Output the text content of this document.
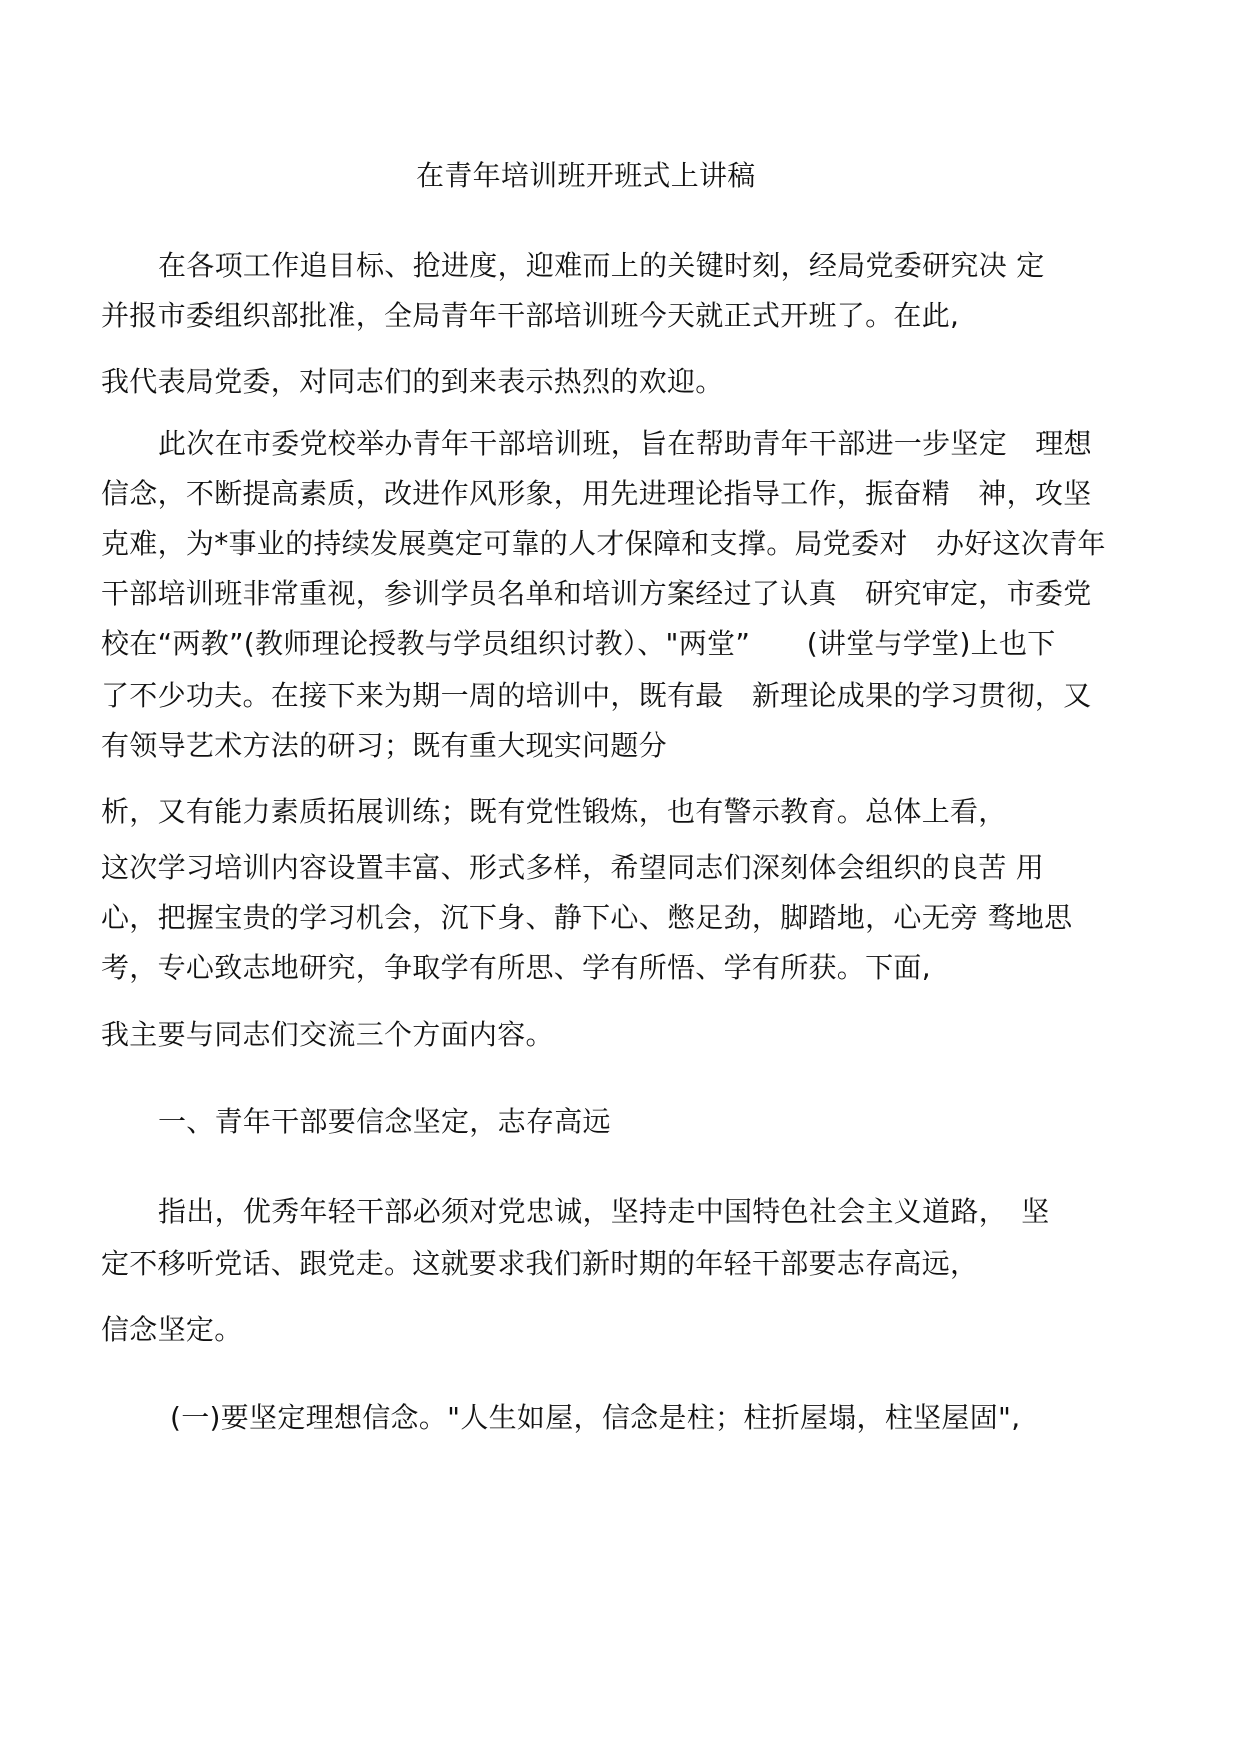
在青年培训班开班式上讲稿

在各项工作追目标、抢进度，迎难而上的关键时刻，经局党委研究决 定

并报市委组织部批准，全局青年干部培训班今天就正式开班了。在此,

我代表局党委，对同志们的到来表示热烈的欢迎。

此次在市委党校举办青年干部培训班，旨在帮助青年干部进一步坚定　理想

信念，不断提高素质，改进作风形象，用先进理论指导工作，振奋精　神，攻坚

克难，为*事业的持续发展奠定可靠的人才保障和支撑。局党委对　办好这次青年

干部培训班非常重视，参训学员名单和培训方案经过了认真　研究审定，市委党

校在“两教”(教师理论授教与学员组织讨教）、"两堂”　　(讲堂与学堂)上也下

了不少功夫。在接下来为期一周的培训中，既有最　新理论成果的学习贯彻，又

有领导艺术方法的研习；既有重大现实问题分

析，又有能力素质拓展训练；既有党性锻炼，也有警示教育。总体上看，

这次学习培训内容设置丰富、形式多样，希望同志们深刻体会组织的良苦 用

心，把握宝贵的学习机会，沉下身、静下心、憋足劲，脚踏地，心无旁 骛地思

考，专心致志地研究，争取学有所思、学有所悟、学有所获。下面,

我主要与同志们交流三个方面内容。

一、青年干部要信念坚定，志存高远

指出，优秀年轻干部必须对党忠诚，坚持走中国特色社会主义道路，　坚

定不移听党话、跟党走。这就要求我们新时期的年轻干部要志存高远，

信念坚定。

(一)要坚定理想信念。"人生如屋，信念是柱；柱折屋塌，柱坚屋固",
